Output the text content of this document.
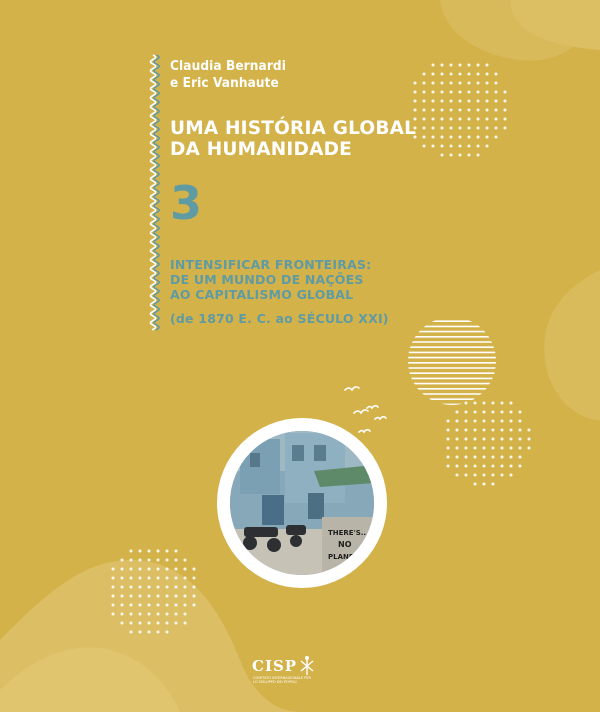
Claudia Bernardi
e Eric Vanhaute
UMA HISTÓRIA GLOBAL
DA HUMANIDADE
3
INTENSIFICAR FRONTEIRAS:
DE UM MUNDO DE NAÇÕES
AO CAPITALISMO GLOBAL
(de 1870 E. C. ao SÉCULO XXI)
THERE'S...
NO
PLANET B
CISP
COMITATO INTERNAZIONALE PER LO SVILUPPO DEI POPOLI
